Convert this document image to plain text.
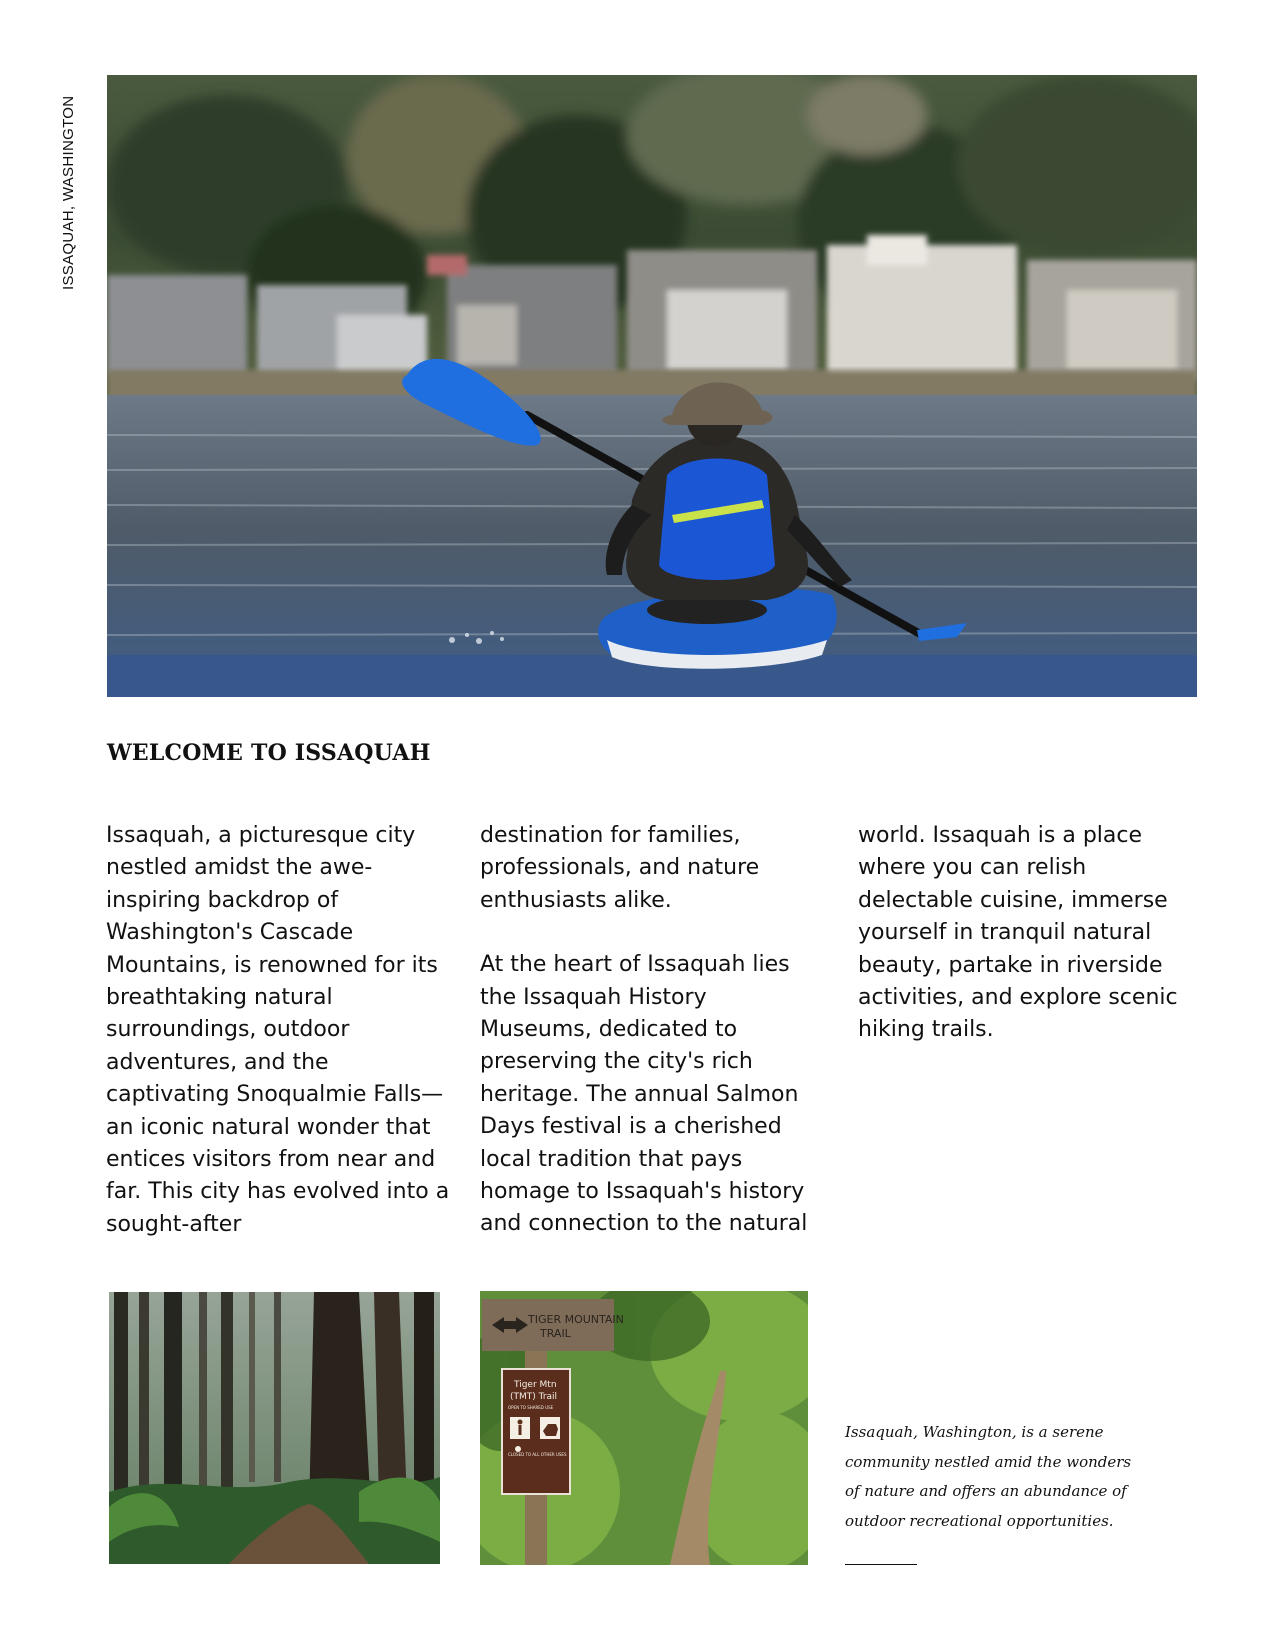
ISSAQUAH, WASHINGTON
WELCOME TO ISSAQUAH

Issaquah, a picturesque city nestled amidst the awe-inspiring backdrop of Washington's Cascade Mountains, is renowned for its breathtaking natural surroundings, outdoor adventures, and the captivating Snoqualmie Falls—an iconic natural wonder that entices visitors from near and far. This city has evolved into a sought-after

destination for families, professionals, and nature enthusiasts alike.

At the heart of Issaquah lies the Issaquah History Museums, dedicated to preserving the city's rich heritage. The annual Salmon Days festival is a cherished local tradition that pays homage to Issaquah's history and connection to the natural

world. Issaquah is a place where you can relish delectable cuisine, immerse yourself in tranquil natural beauty, partake in riverside activities, and explore scenic hiking trails.

TIGER MOUNTAIN
TRAIL
Tiger Mtn
(TMT) Trail
OPEN TO SHARED USE
CLOSED TO ALL OTHER USES

Issaquah, Washington, is a serene community nestled amid the wonders of nature and offers an abundance of outdoor recreational opportunities.
